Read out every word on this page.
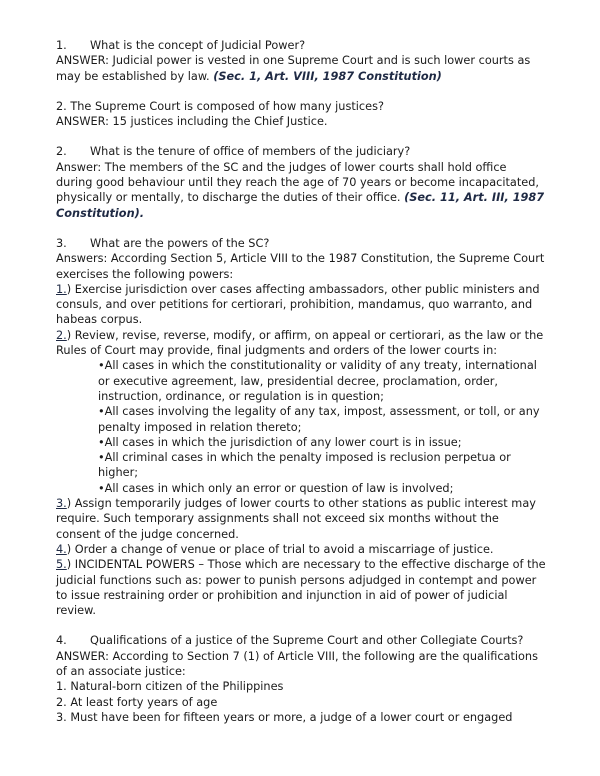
1. What is the concept of Judicial Power?

ANSWER: Judicial power is vested in one Supreme Court and is such lower courts as may be established by law. (Sec. 1, Art. VIII, 1987 Constitution)

2. The Supreme Court is composed of how many justices?

ANSWER: 15 justices including the Chief Justice.

2. What is the tenure of office of members of the judiciary?

Answer: The members of the SC and the judges of lower courts shall hold office during good behaviour until they reach the age of 70 years or become incapacitated, physically or mentally, to discharge the duties of their office. (Sec. 11, Art. III, 1987 Constitution).

3. What are the powers of the SC?

Answers: According Section 5, Article VIII to the 1987 Constitution, the Supreme Court exercises the following powers:

1.) Exercise jurisdiction over cases affecting ambassadors, other public ministers and consuls, and over petitions for certiorari, prohibition, mandamus, quo warranto, and habeas corpus.

2.) Review, revise, reverse, modify, or affirm, on appeal or certiorari, as the law or the Rules of Court may provide, final judgments and orders of the lower courts in:

• All cases in which the constitutionality or validity of any treaty, international or executive agreement, law, presidential decree, proclamation, order, instruction, ordinance, or regulation is in question;

• All cases involving the legality of any tax, impost, assessment, or toll, or any penalty imposed in relation thereto;

• All cases in which the jurisdiction of any lower court is in issue;

• All criminal cases in which the penalty imposed is reclusion perpetua or higher;

• All cases in which only an error or question of law is involved;

3.) Assign temporarily judges of lower courts to other stations as public interest may require. Such temporary assignments shall not exceed six months without the consent of the judge concerned.

4.) Order a change of venue or place of trial to avoid a miscarriage of justice.

5.) INCIDENTAL POWERS – Those which are necessary to the effective discharge of the judicial functions such as: power to punish persons adjudged in contempt and power to issue restraining order or prohibition and injunction in aid of power of judicial review.

4. Qualifications of a justice of the Supreme Court and other Collegiate Courts?

ANSWER: According to Section 7 (1) of Article VIII, the following are the qualifications of an associate justice:

1. Natural-born citizen of the Philippines

2. At least forty years of age

3. Must have been for fifteen years or more, a judge of a lower court or engaged
